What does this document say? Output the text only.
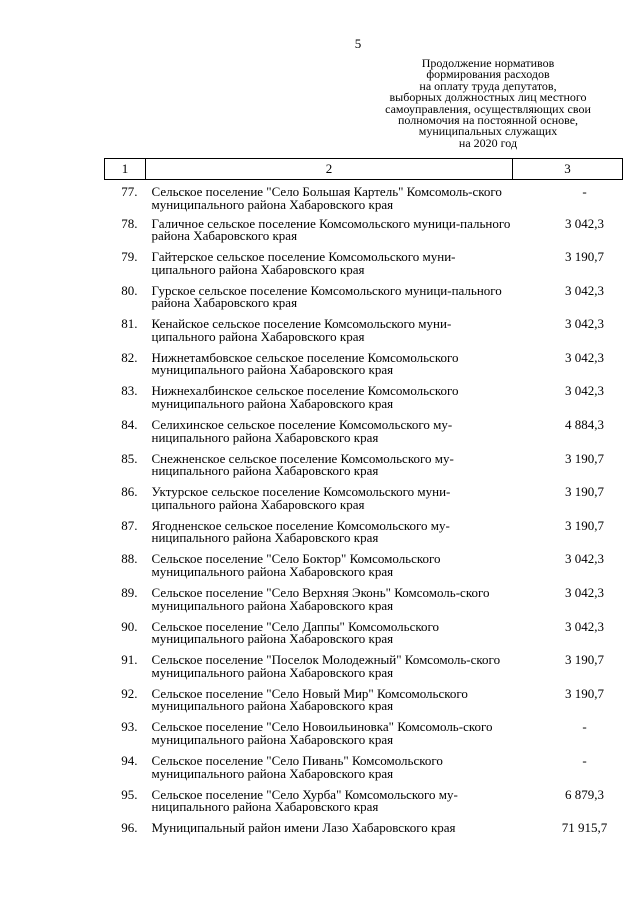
5
Продолжение нормативов
формирования расходов
на оплату труда депутатов,
выборных должностных лиц местного
самоуправления, осуществляющих свои
полномочия на постоянной основе,
муниципальных служащих
на 2020 год
1	2	3
77.	Сельское поселение "Село Большая Картель" Комсомоль-ского муниципального района Хабаровского края	-
78.	Галичное сельское поселение Комсомольского муници-пального района Хабаровского края	3 042,3
79.	Гайтерское сельское поселение Комсомольского муни-ципального района Хабаровского края	3 190,7
80.	Гурское сельское поселение Комсомольского муници-пального района Хабаровского края	3 042,3
81.	Кенайское сельское поселение Комсомольского муни-ципального района Хабаровского края	3 042,3
82.	Нижнетамбовское сельское поселение Комсомольского муниципального района Хабаровского края	3 042,3
83.	Нижнехалбинское сельское поселение Комсомольского муниципального района Хабаровского края	3 042,3
84.	Селихинское сельское поселение Комсомольского му-ниципального района Хабаровского края	4 884,3
85.	Снежненское сельское поселение Комсомольского му-ниципального района Хабаровского края	3 190,7
86.	Уктурское сельское поселение Комсомольского муни-ципального района Хабаровского края	3 190,7
87.	Ягодненское сельское поселение Комсомольского му-ниципального района Хабаровского края	3 190,7
88.	Сельское поселение "Село Боктор" Комсомольского муниципального района Хабаровского края	3 042,3
89.	Сельское поселение "Село Верхняя Эконь" Комсомоль-ского муниципального района Хабаровского края	3 042,3
90.	Сельское поселение "Село Даппы" Комсомольского муниципального района Хабаровского края	3 042,3
91.	Сельское поселение "Поселок Молодежный" Комсомоль-ского муниципального района Хабаровского края	3 190,7
92.	Сельское поселение "Село Новый Мир" Комсомольского муниципального района Хабаровского края	3 190,7
93.	Сельское поселение "Село Новоильиновка" Комсомоль-ского муниципального района Хабаровского края	-
94.	Сельское поселение "Село Пивань" Комсомольского муниципального района Хабаровского края	-
95.	Сельское поселение "Село Хурба" Комсомольского му-ниципального района Хабаровского края	6 879,3
96.	Муниципальный район имени Лазо Хабаровского края	71 915,7
